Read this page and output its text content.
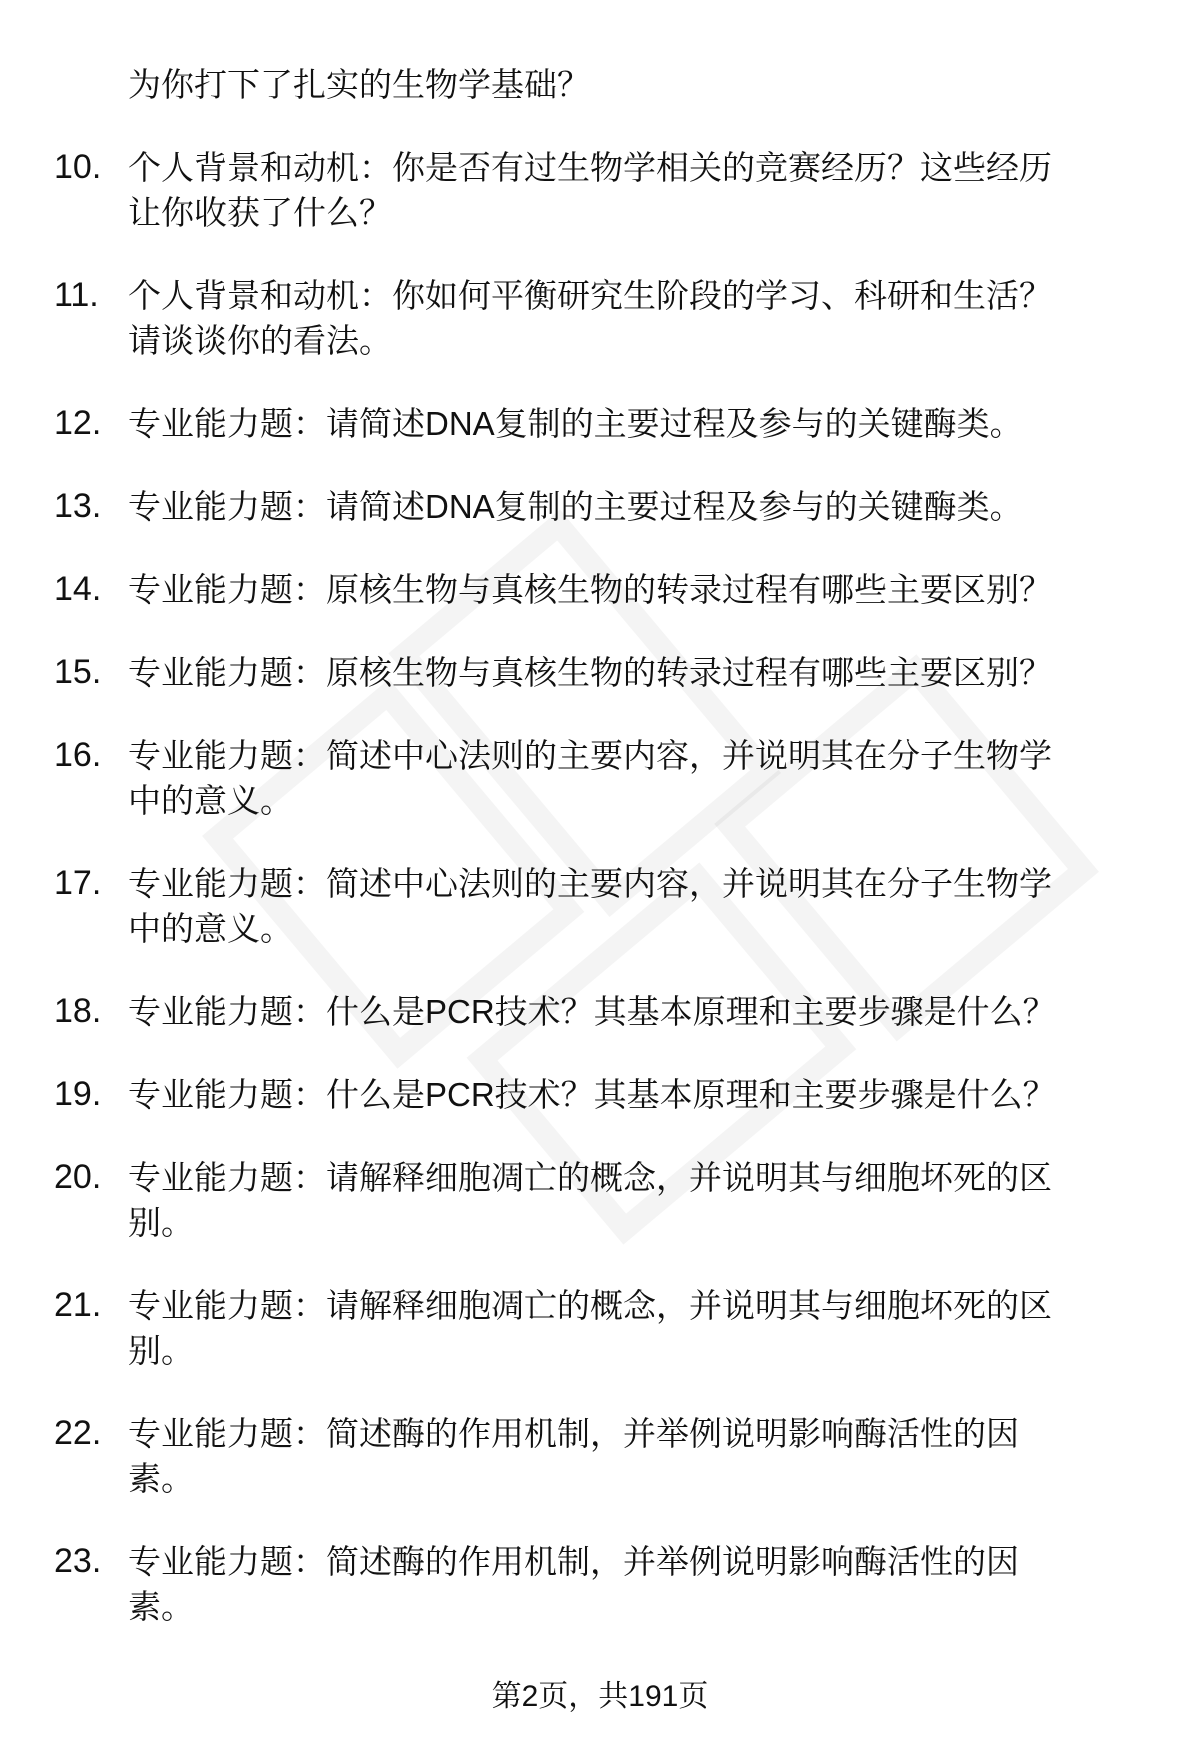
为你打下了扎实的生物学基础？
10. 个人背景和动机：你是否有过生物学相关的竞赛经历？这些经历
让你收获了什么？
11. 个人背景和动机：你如何平衡研究生阶段的学习、科研和生活？
请谈谈你的看法。
12. 专业能力题：请简述DNA复制的主要过程及参与的关键酶类。
13. 专业能力题：请简述DNA复制的主要过程及参与的关键酶类。
14. 专业能力题：原核生物与真核生物的转录过程有哪些主要区别？
15. 专业能力题：原核生物与真核生物的转录过程有哪些主要区别？
16. 专业能力题：简述中心法则的主要内容，并说明其在分子生物学
中的意义。
17. 专业能力题：简述中心法则的主要内容，并说明其在分子生物学
中的意义。
18. 专业能力题：什么是PCR技术？其基本原理和主要步骤是什么？
19. 专业能力题：什么是PCR技术？其基本原理和主要步骤是什么？
20. 专业能力题：请解释细胞凋亡的概念，并说明其与细胞坏死的区
别。
21. 专业能力题：请解释细胞凋亡的概念，并说明其与细胞坏死的区
别。
22. 专业能力题：简述酶的作用机制，并举例说明影响酶活性的因
素。
23. 专业能力题：简述酶的作用机制，并举例说明影响酶活性的因
素。
第2页，共191页
